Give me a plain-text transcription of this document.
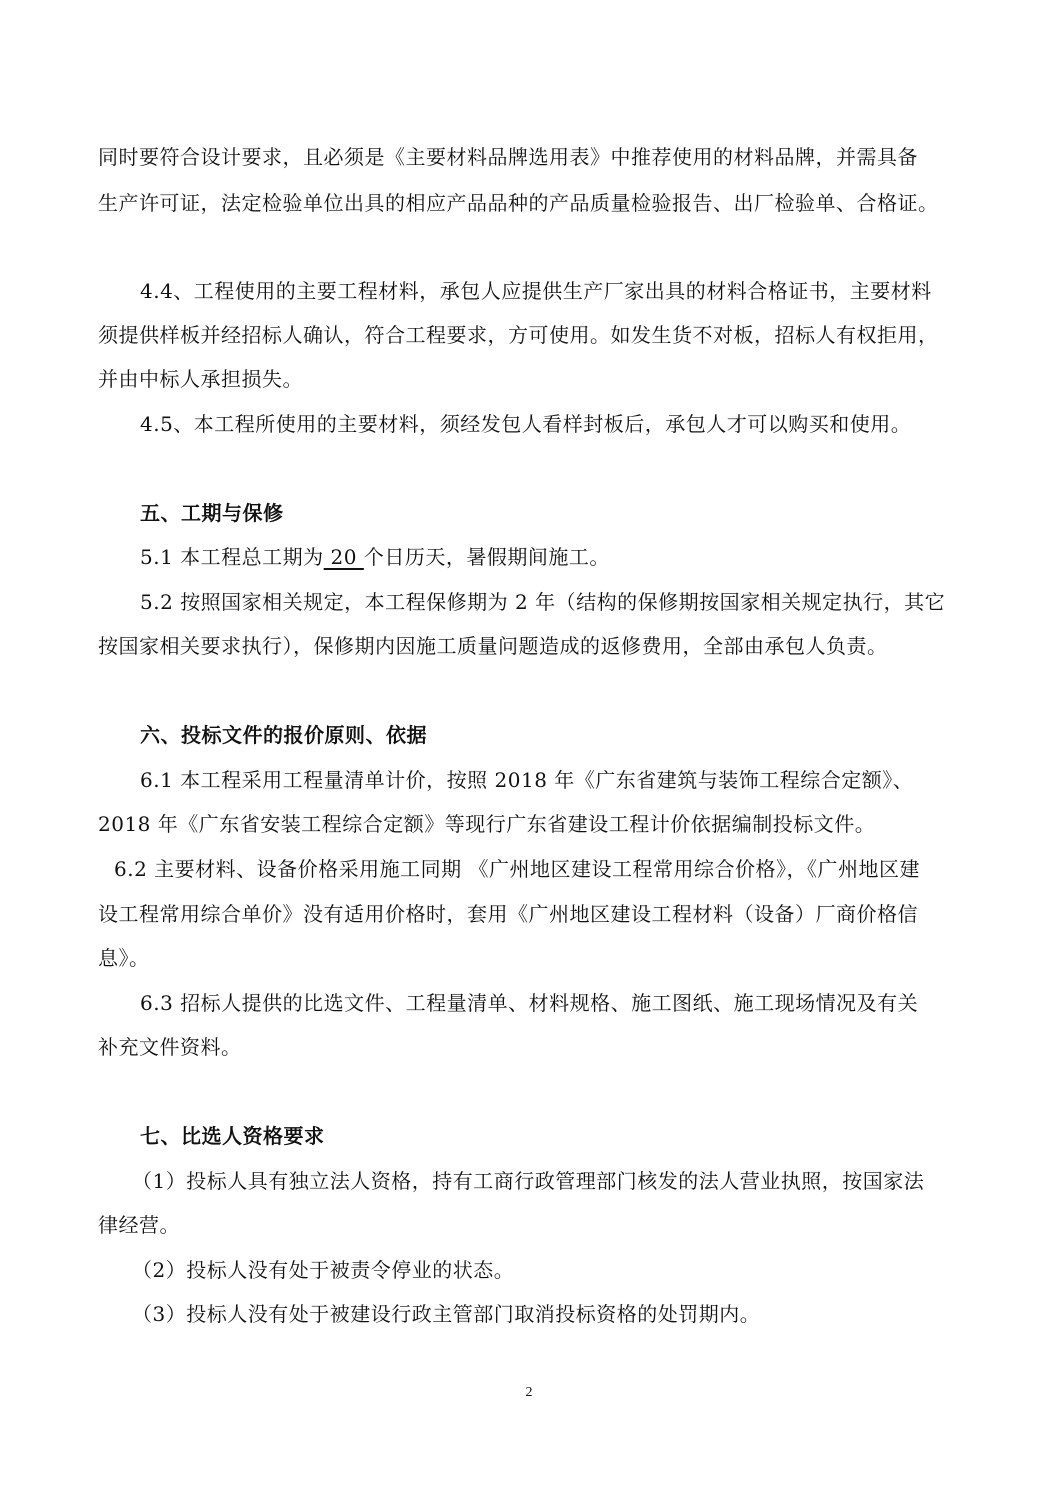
同时要符合设计要求，且必须是《主要材料品牌选用表》中推荐使用的材料品牌，并需具备
生产许可证，法定检验单位出具的相应产品品种的产品质量检验报告、出厂检验单、合格证。
4.4、工程使用的主要工程材料，承包人应提供生产厂家出具的材料合格证书，主要材料
须提供样板并经招标人确认，符合工程要求，方可使用。如发生货不对板，招标人有权拒用，
并由中标人承担损失。
4.5、本工程所使用的主要材料，须经发包人看样封板后，承包人才可以购买和使用。
五、工期与保修
5.1 本工程总工期为 20 个日历天，暑假期间施工。
5.2 按照国家相关规定，本工程保修期为 2 年（结构的保修期按国家相关规定执行，其它
按国家相关要求执行），保修期内因施工质量问题造成的返修费用，全部由承包人负责。
六、投标文件的报价原则、依据
6.1 本工程采用工程量清单计价，按照 2018 年《广东省建筑与装饰工程综合定额》、
2018 年《广东省安装工程综合定额》等现行广东省建设工程计价依据编制投标文件。
6.2 主要材料、设备价格采用施工同期 《广州地区建设工程常用综合价格》，《广州地区建
设工程常用综合单价》没有适用价格时，套用《广州地区建设工程材料（设备）厂商价格信
息》。
6.3 招标人提供的比选文件、工程量清单、材料规格、施工图纸、施工现场情况及有关
补充文件资料。
七、比选人资格要求
（1）投标人具有独立法人资格，持有工商行政管理部门核发的法人营业执照，按国家法
律经营。
（2）投标人没有处于被责令停业的状态。
（3）投标人没有处于被建设行政主管部门取消投标资格的处罚期内。
2
